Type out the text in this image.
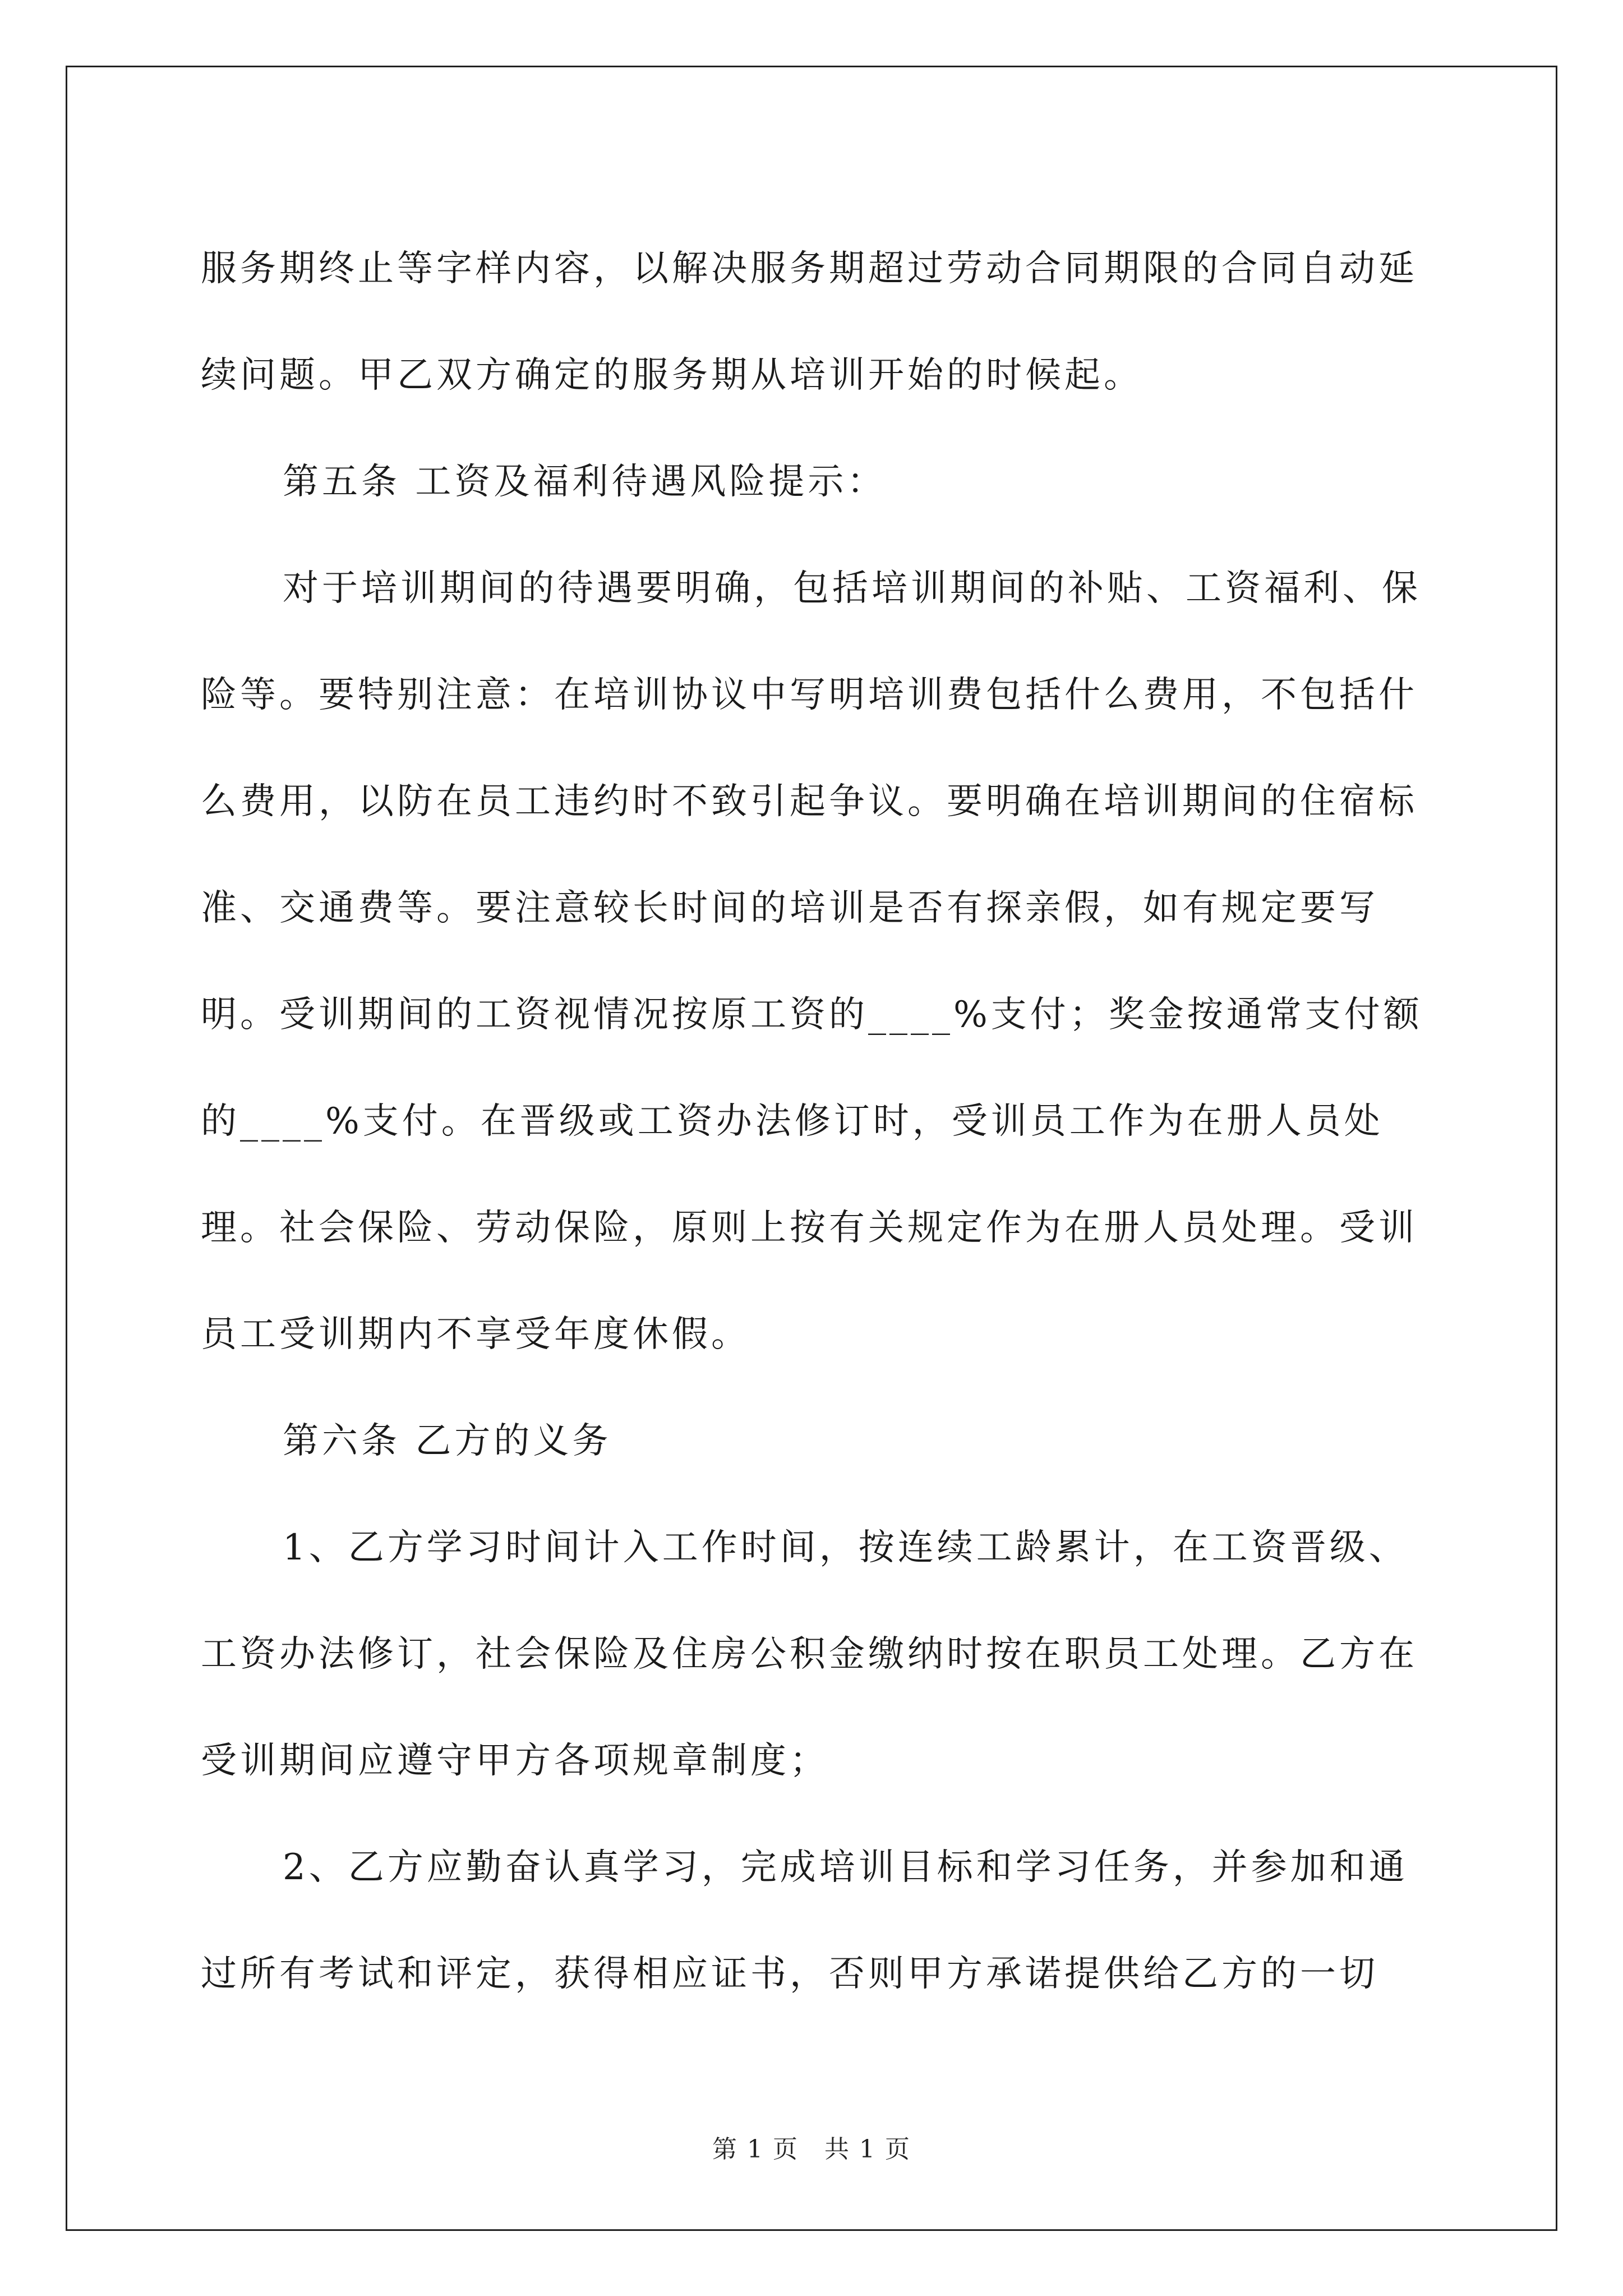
服务期终止等字样内容，以解决服务期超过劳动合同期限的合同自动延续问题。甲乙双方确定的服务期从培训开始的时候起。

第五条 工资及福利待遇风险提示：

对于培训期间的待遇要明确，包括培训期间的补贴、工资福利、保险等。要特别注意：在培训协议中写明培训费包括什么费用，不包括什么费用，以防在员工违约时不致引起争议。要明确在培训期间的住宿标准、交通费等。要注意较长时间的培训是否有探亲假，如有规定要写明。受训期间的工资视情况按原工资的____%支付；奖金按通常支付额的____%支付。在晋级或工资办法修订时，受训员工作为在册人员处理。社会保险、劳动保险，原则上按有关规定作为在册人员处理。受训员工受训期内不享受年度休假。

第六条 乙方的义务

1、乙方学习时间计入工作时间，按连续工龄累计，在工资晋级、工资办法修订，社会保险及住房公积金缴纳时按在职员工处理。乙方在受训期间应遵守甲方各项规章制度；

2、乙方应勤奋认真学习，完成培训目标和学习任务，并参加和通过所有考试和评定，获得相应证书，否则甲方承诺提供给乙方的一切

第 1 页　共 1 页
